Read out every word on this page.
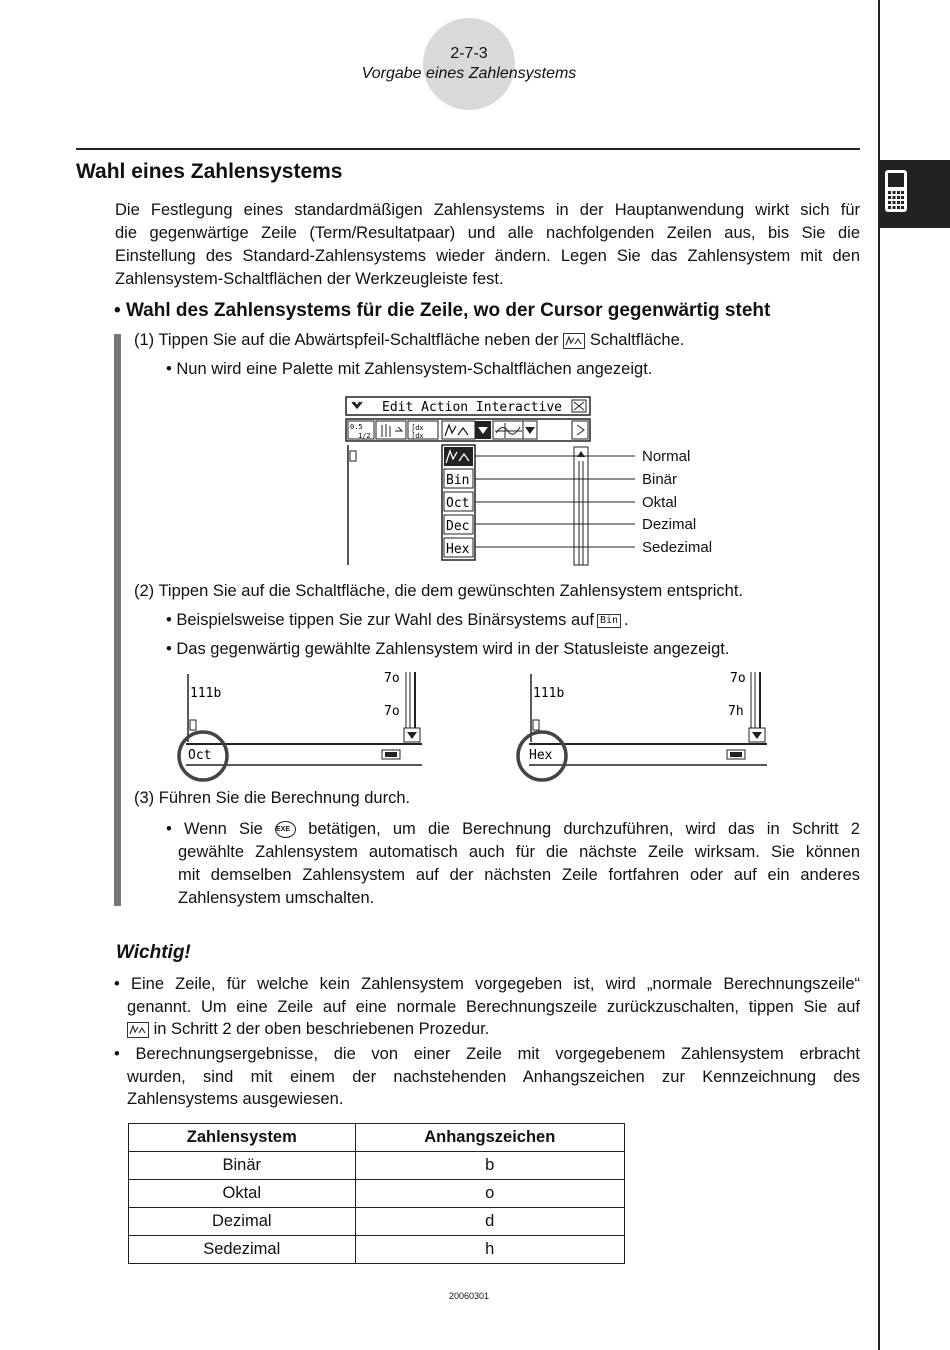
2-7-3
Vorgabe eines Zahlensystems
Wahl eines Zahlensystems
Die Festlegung eines standardmäßigen Zahlensystems in der Hauptanwendung wirkt sich für
die gegenwärtige Zeile (Term/Resultatpaar) und alle nachfolgenden Zeilen aus, bis Sie die
Einstellung des Standard-Zahlensystems wieder ändern. Legen Sie das Zahlensystem mit den
Zahlensystem-Schaltflächen der Werkzeugleiste fest.
• Wahl des Zahlensystems für die Zeile, wo der Cursor gegenwärtig steht
(1) Tippen Sie auf die Abwärtspfeil-Schaltfläche neben der Schaltfläche.
• Nun wird eine Palette mit Zahlensystem-Schaltflächen angezeigt.
Edit Action Interactive
0.5
1/2
∫dx
∫dx
Bin
Oct
Dec
Hex
Normal
Binär
Oktal
Dezimal
Sedezimal
(2) Tippen Sie auf die Schaltfläche, die dem gewünschten Zahlensystem entspricht.
• Beispielsweise tippen Sie zur Wahl des Binärsystems auf Bin .
• Das gegenwärtig gewählte Zahlensystem wird in der Statusleiste angezeigt.
111b
7o
7o
Oct
111b
7o
7h
Hex
(3) Führen Sie die Berechnung durch.
• Wenn Sie EXE betätigen, um die Berechnung durchzuführen, wird das in Schritt 2
gewählte Zahlensystem automatisch auch für die nächste Zeile wirksam. Sie können
mit demselben Zahlensystem auf der nächsten Zeile fortfahren oder auf ein anderes
Zahlensystem umschalten.
Wichtig!
• Eine Zeile, für welche kein Zahlensystem vorgegeben ist, wird „normale Berechnungszeile“
genannt. Um eine Zeile auf eine normale Berechnungszeile zurückzuschalten, tippen Sie auf
in Schritt 2 der oben beschriebenen Prozedur.
• Berechnungsergebnisse, die von einer Zeile mit vorgegebenem Zahlensystem erbracht
wurden, sind mit einem der nachstehenden Anhangszeichen zur Kennzeichnung des
Zahlensystems ausgewiesen.
Zahlensystem	Anhangszeichen
Binär	b
Oktal	o
Dezimal	d
Sedezimal	h
20060301
